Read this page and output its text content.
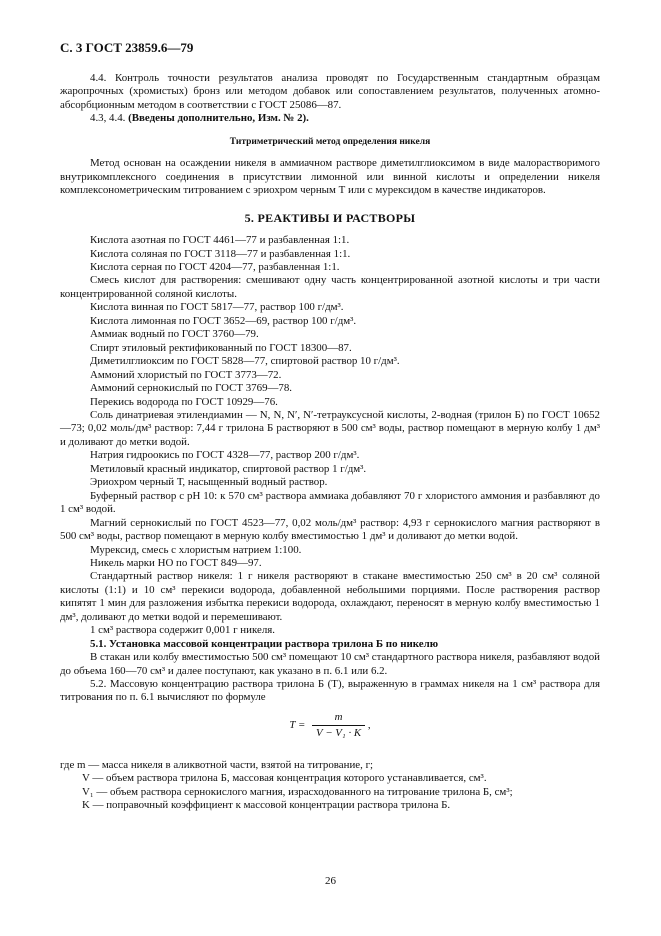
С. 3 ГОСТ 23859.6—79

4.4. Контроль точности результатов анализа проводят по Государственным стандартным образцам жаропрочных (хромистых) бронз или методом добавок или сопоставлением результатов, полученных атомно-абсорбционным методом в соответствии с ГОСТ 25086—87.

4.3, 4.4. (Введены дополнительно, Изм. № 2).

Титриметрический метод определения никеля

Метод основан на осаждении никеля в аммиачном растворе диметилглиоксимом в виде малорастворимого внутрикомплексного соединения в присутствии лимонной или винной кислоты и определении никеля комплексонометрическим титрованием с эриохром черным Т или с мурексидом в качестве индикаторов.

5. РЕАКТИВЫ И РАСТВОРЫ

Кислота азотная по ГОСТ 4461—77 и разбавленная 1:1.

Кислота соляная по ГОСТ 3118—77 и разбавленная 1:1.

Кислота серная по ГОСТ 4204—77, разбавленная 1:1.

Смесь кислот для растворения: смешивают одну часть концентрированной азотной кислоты и три части концентрированной соляной кислоты.

Кислота винная по ГОСТ 5817—77, раствор 100 г/дм³.

Кислота лимонная по ГОСТ 3652—69, раствор 100 г/дм³.

Аммиак водный по ГОСТ 3760—79.

Спирт этиловый ректификованный по ГОСТ 18300—87.

Диметилглиоксим по ГОСТ 5828—77, спиртовой раствор 10 г/дм³.

Аммоний хлористый по ГОСТ 3773—72.

Аммоний сернокислый по ГОСТ 3769—78.

Перекись водорода по ГОСТ 10929—76.

Соль динатриевая этилендиамин — N, N, N′, N′-тетрауксусной кислоты, 2-водная (трилон Б) по ГОСТ 10652—73; 0,02 моль/дм³ раствор: 7,44 г трилона Б растворяют в 500 см³ воды, раствор помещают в мерную колбу 1 дм³ и доливают до метки водой.

Натрия гидроокись по ГОСТ 4328—77, раствор 200 г/дм³.

Метиловый красный индикатор, спиртовой раствор 1 г/дм³.

Эриохром черный Т, насыщенный водный раствор.

Буферный раствор с рН 10: к 570 см³ раствора аммиака добавляют 70 г хлористого аммония и разбавляют до 1 см³ водой.

Магний сернокислый по ГОСТ 4523—77, 0,02 моль/дм³ раствор: 4,93 г сернокислого магния растворяют в 500 см³ воды, раствор помещают в мерную колбу вместимостью 1 дм³ и доливают до метки водой.

Мурексид, смесь с хлористым натрием 1:100.

Никель марки НО по ГОСТ 849—97.

Стандартный раствор никеля: 1 г никеля растворяют в стакане вместимостью 250 см³ в 20 см³ соляной кислоты (1:1) и 10 см³ перекиси водорода, добавленной небольшими порциями. После растворения раствор кипятят 1 мин для разложения избытка перекиси водорода, охлаждают, переносят в мерную колбу вместимостью 1 дм³, доливают до метки водой и перемешивают.

1 см³ раствора содержит 0,001 г никеля.

5.1. Установка массовой концентрации раствора трилона Б по никелю

В стакан или колбу вместимостью 500 см³ помещают 10 см³ стандартного раствора никеля, разбавляют водой до объема 160—70 см³ и далее поступают, как указано в п. 6.1 или 6.2.

5.2. Массовую концентрацию раствора трилона Б (Т), выраженную в граммах никеля на 1 см³ раствора для титрования по п. 6.1 вычисляют по формуле

$T = \frac{m}{\text{V − V₁ · K}}$ ,

где m — масса никеля в аликвотной части, взятой на титрование, г;

V — объем раствора трилона Б, массовая концентрация которого устанавливается, см³.

V₁ — объем раствора сернокислого магния, израсходованного на титрование трилона Б, см³;

K — поправочный коэффициент к массовой концентрации раствора трилона Б.

26
